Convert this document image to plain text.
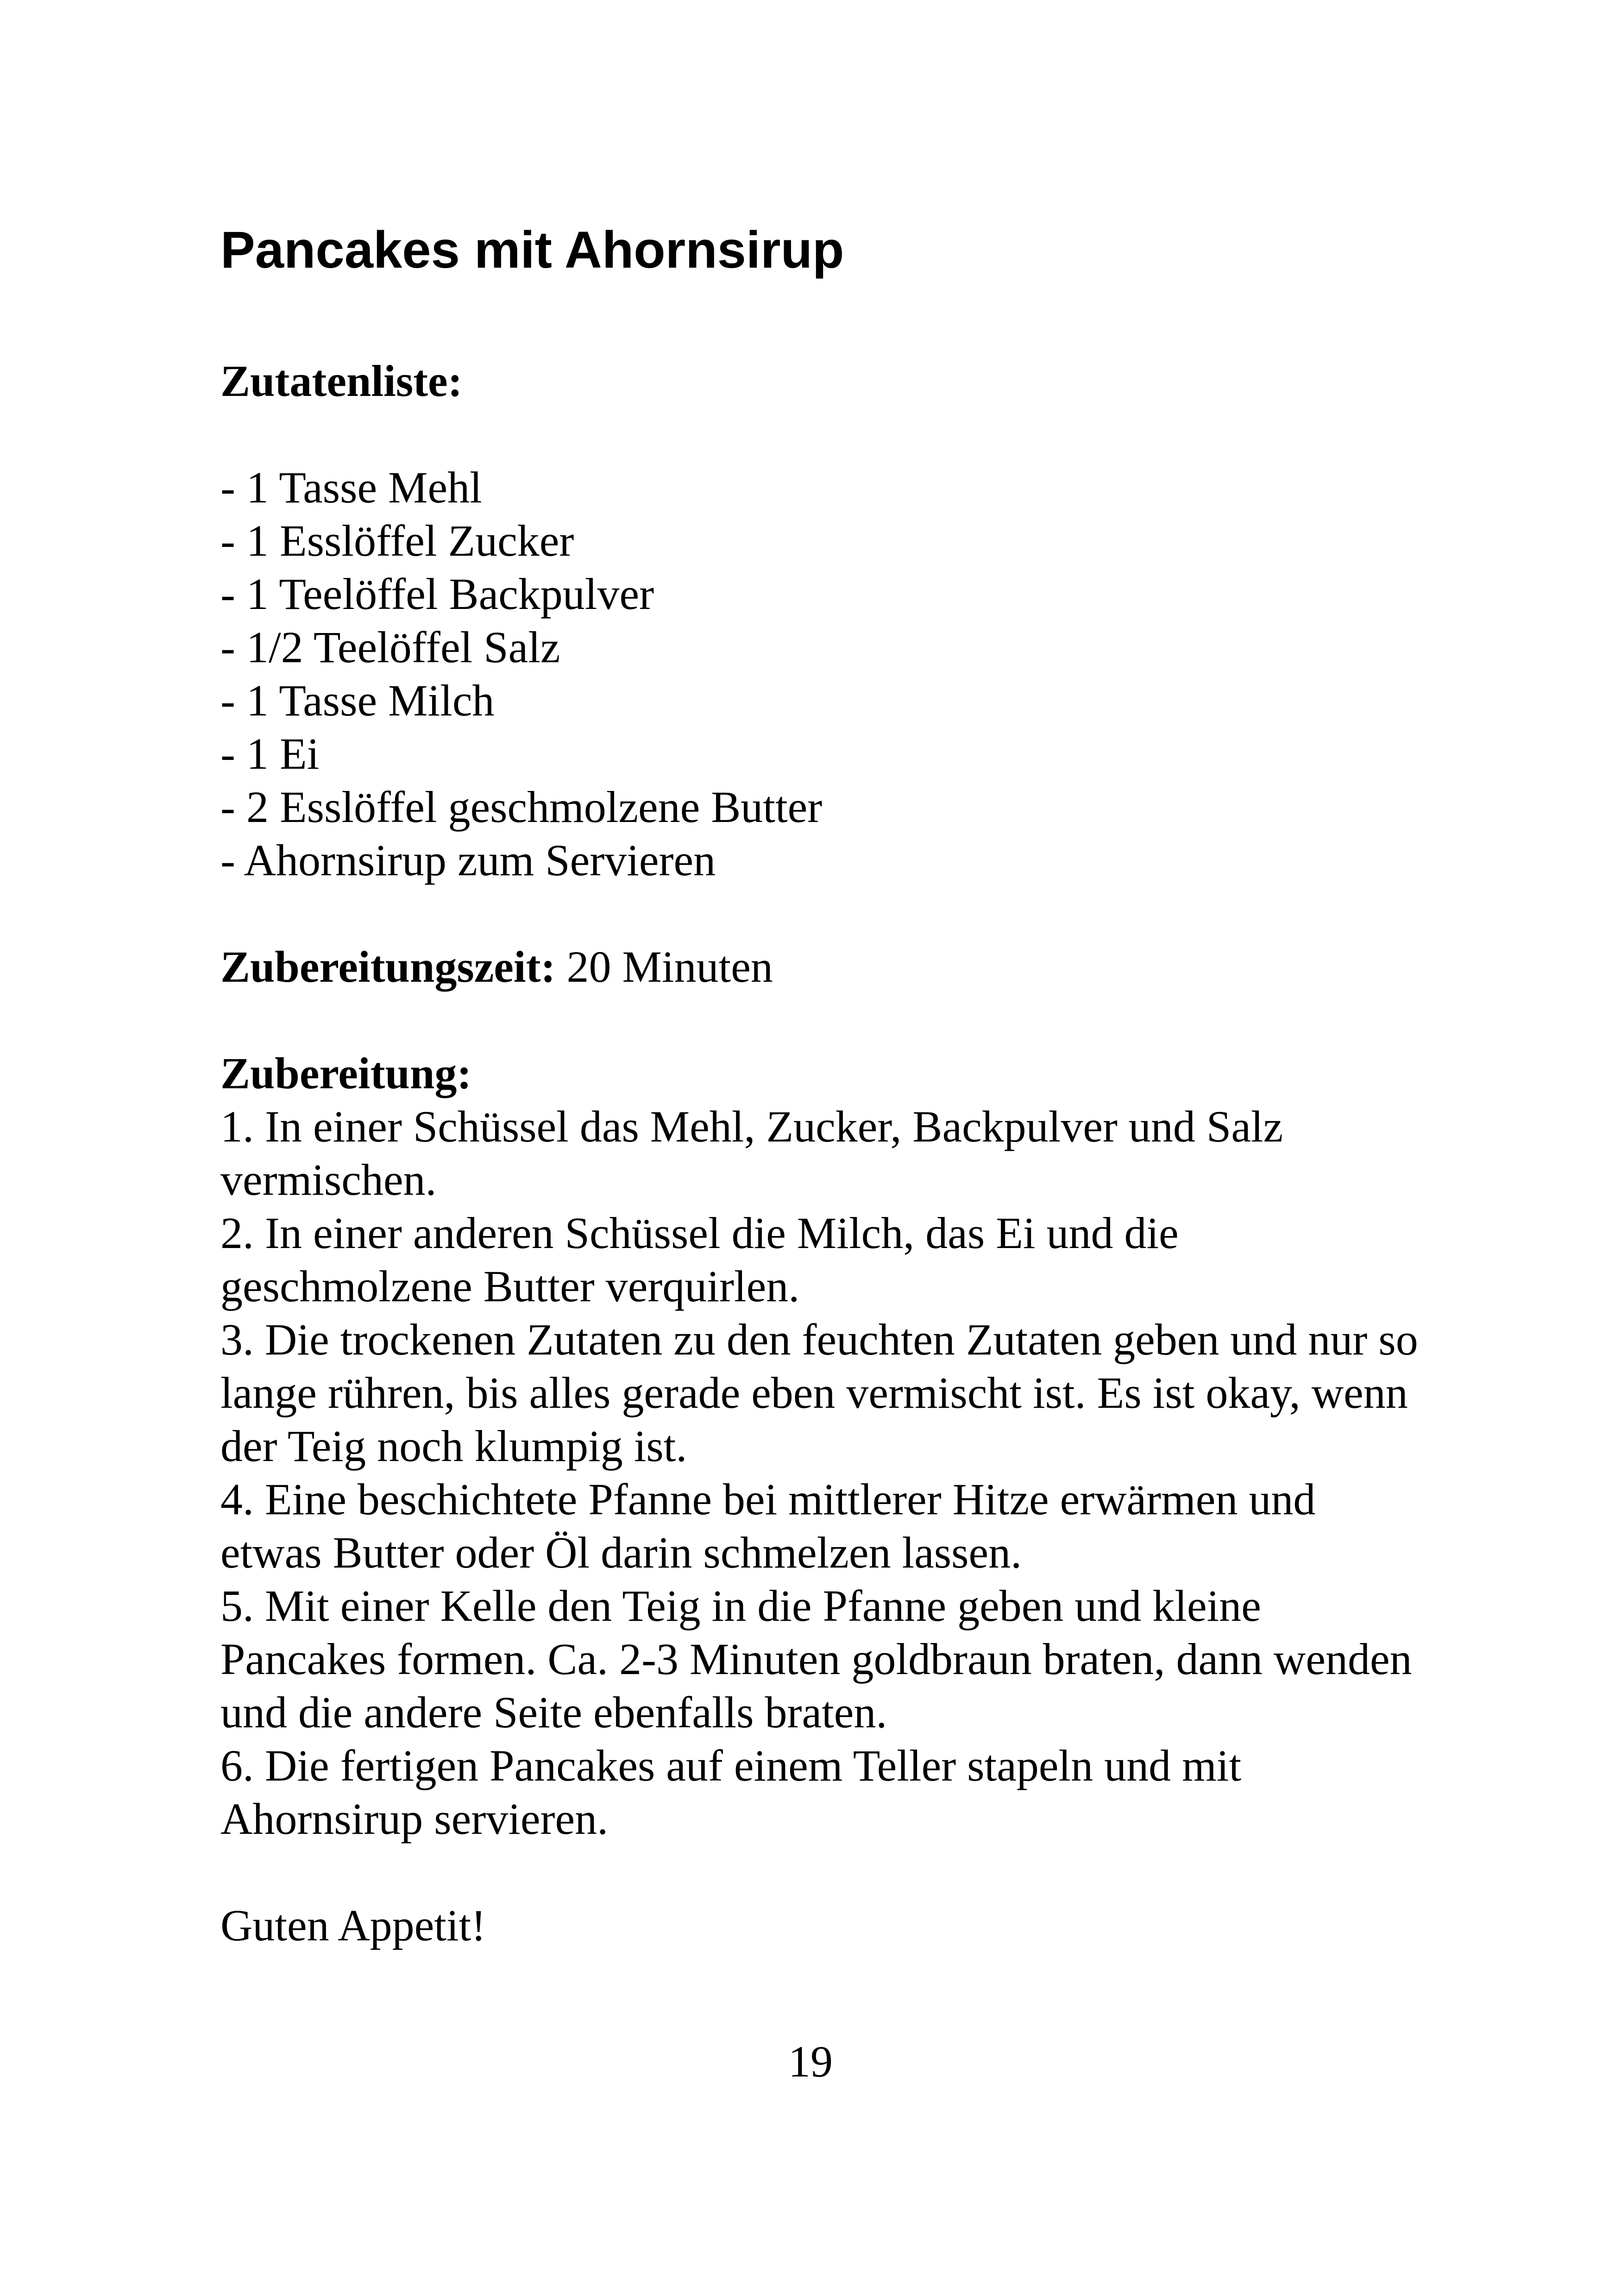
Pancakes mit Ahornsirup

Zutatenliste:

- 1 Tasse Mehl
- 1 Esslöffel Zucker
- 1 Teelöffel Backpulver
- 1/2 Teelöffel Salz
- 1 Tasse Milch
- 1 Ei
- 2 Esslöffel geschmolzene Butter
- Ahornsirup zum Servieren

Zubereitungszeit: 20 Minuten

Zubereitung:

1. In einer Schüssel das Mehl, Zucker, Backpulver und Salz vermischen.
2. In einer anderen Schüssel die Milch, das Ei und die geschmolzene Butter verquirlen.
3. Die trockenen Zutaten zu den feuchten Zutaten geben und nur so lange rühren, bis alles gerade eben vermischt ist. Es ist okay, wenn der Teig noch klumpig ist.
4. Eine beschichtete Pfanne bei mittlerer Hitze erwärmen und etwas Butter oder Öl darin schmelzen lassen.
5. Mit einer Kelle den Teig in die Pfanne geben und kleine Pancakes formen. Ca. 2-3 Minuten goldbraun braten, dann wenden und die andere Seite ebenfalls braten.
6. Die fertigen Pancakes auf einem Teller stapeln und mit Ahornsirup servieren.

Guten Appetit!

19
